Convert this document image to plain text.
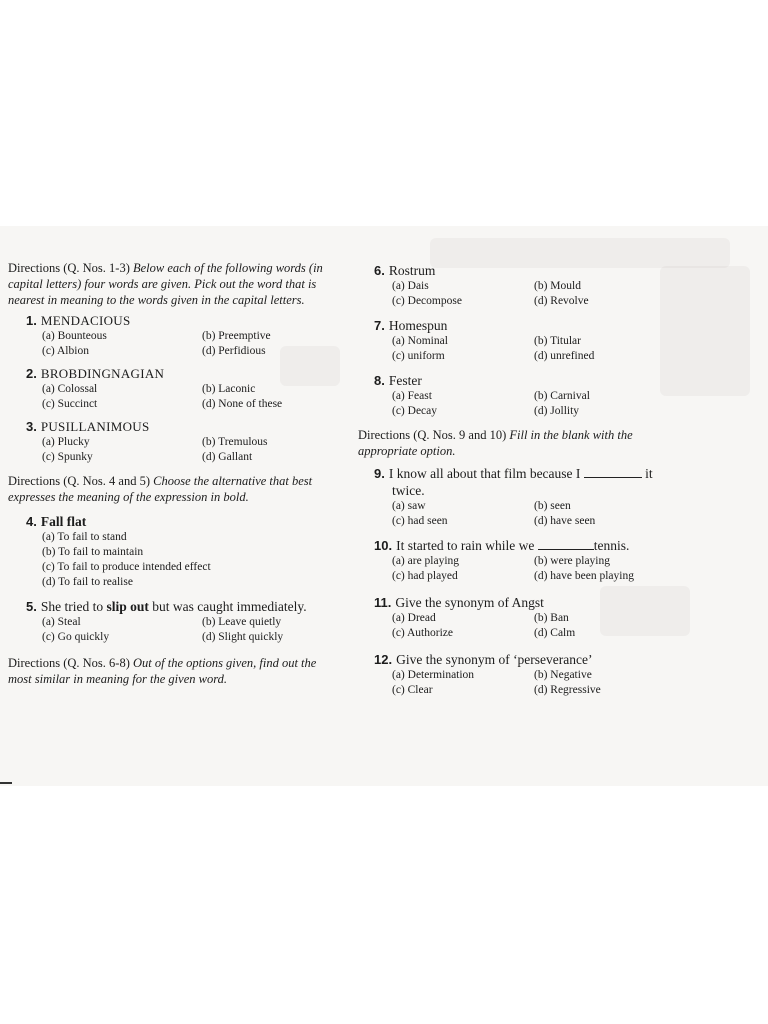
Directions (Q. Nos. 1-3) Below each of the following words (in capital letters) four words are given. Pick out the word that is nearest in meaning to the words given in the capital letters.

1. MENDACIOUS
(a) Bounteous	(b) Preemptive
(c) Albion	(d) Perfidious
2. BROBDINGNAGIAN
(a) Colossal	(b) Laconic
(c) Succinct	(d) None of these
3. PUSILLANIMOUS
(a) Plucky	(b) Tremulous
(c) Spunky	(d) Gallant

Directions (Q. Nos. 4 and 5) Choose the alternative that best expresses the meaning of the expression in bold.

4. Fall flat
(a) To fail to stand
(b) To fail to maintain
(c) To fail to produce intended effect
(d) To fail to realise
5. She tried to slip out but was caught immediately.
(a) Steal	(b) Leave quietly
(c) Go quickly	(d) Slight quickly

Directions (Q. Nos. 6-8) Out of the options given, find out the most similar in meaning for the given word.

6. Rostrum
(a) Dais	(b) Mould
(c) Decompose	(d) Revolve
7. Homespun
(a) Nominal	(b) Titular
(c) uniform	(d) unrefined
8. Fester
(a) Feast	(b) Carnival
(c) Decay	(d) Jollity

Directions (Q. Nos. 9 and 10) Fill in the blank with the appropriate option.

9. I know all about that film because I	it
twice.
(a) saw	(b) seen
(c) had seen	(d) have seen
10. It started to rain while we	tennis.
(a) are playing	(b) were playing
(c) had played	(d) have been playing
11. Give the synonym of Angst
(a) Dread	(b) Ban
(c) Authorize	(d) Calm
12. Give the synonym of ‘perseverance’
(a) Determination	(b) Negative
(c) Clear	(d) Regressive
